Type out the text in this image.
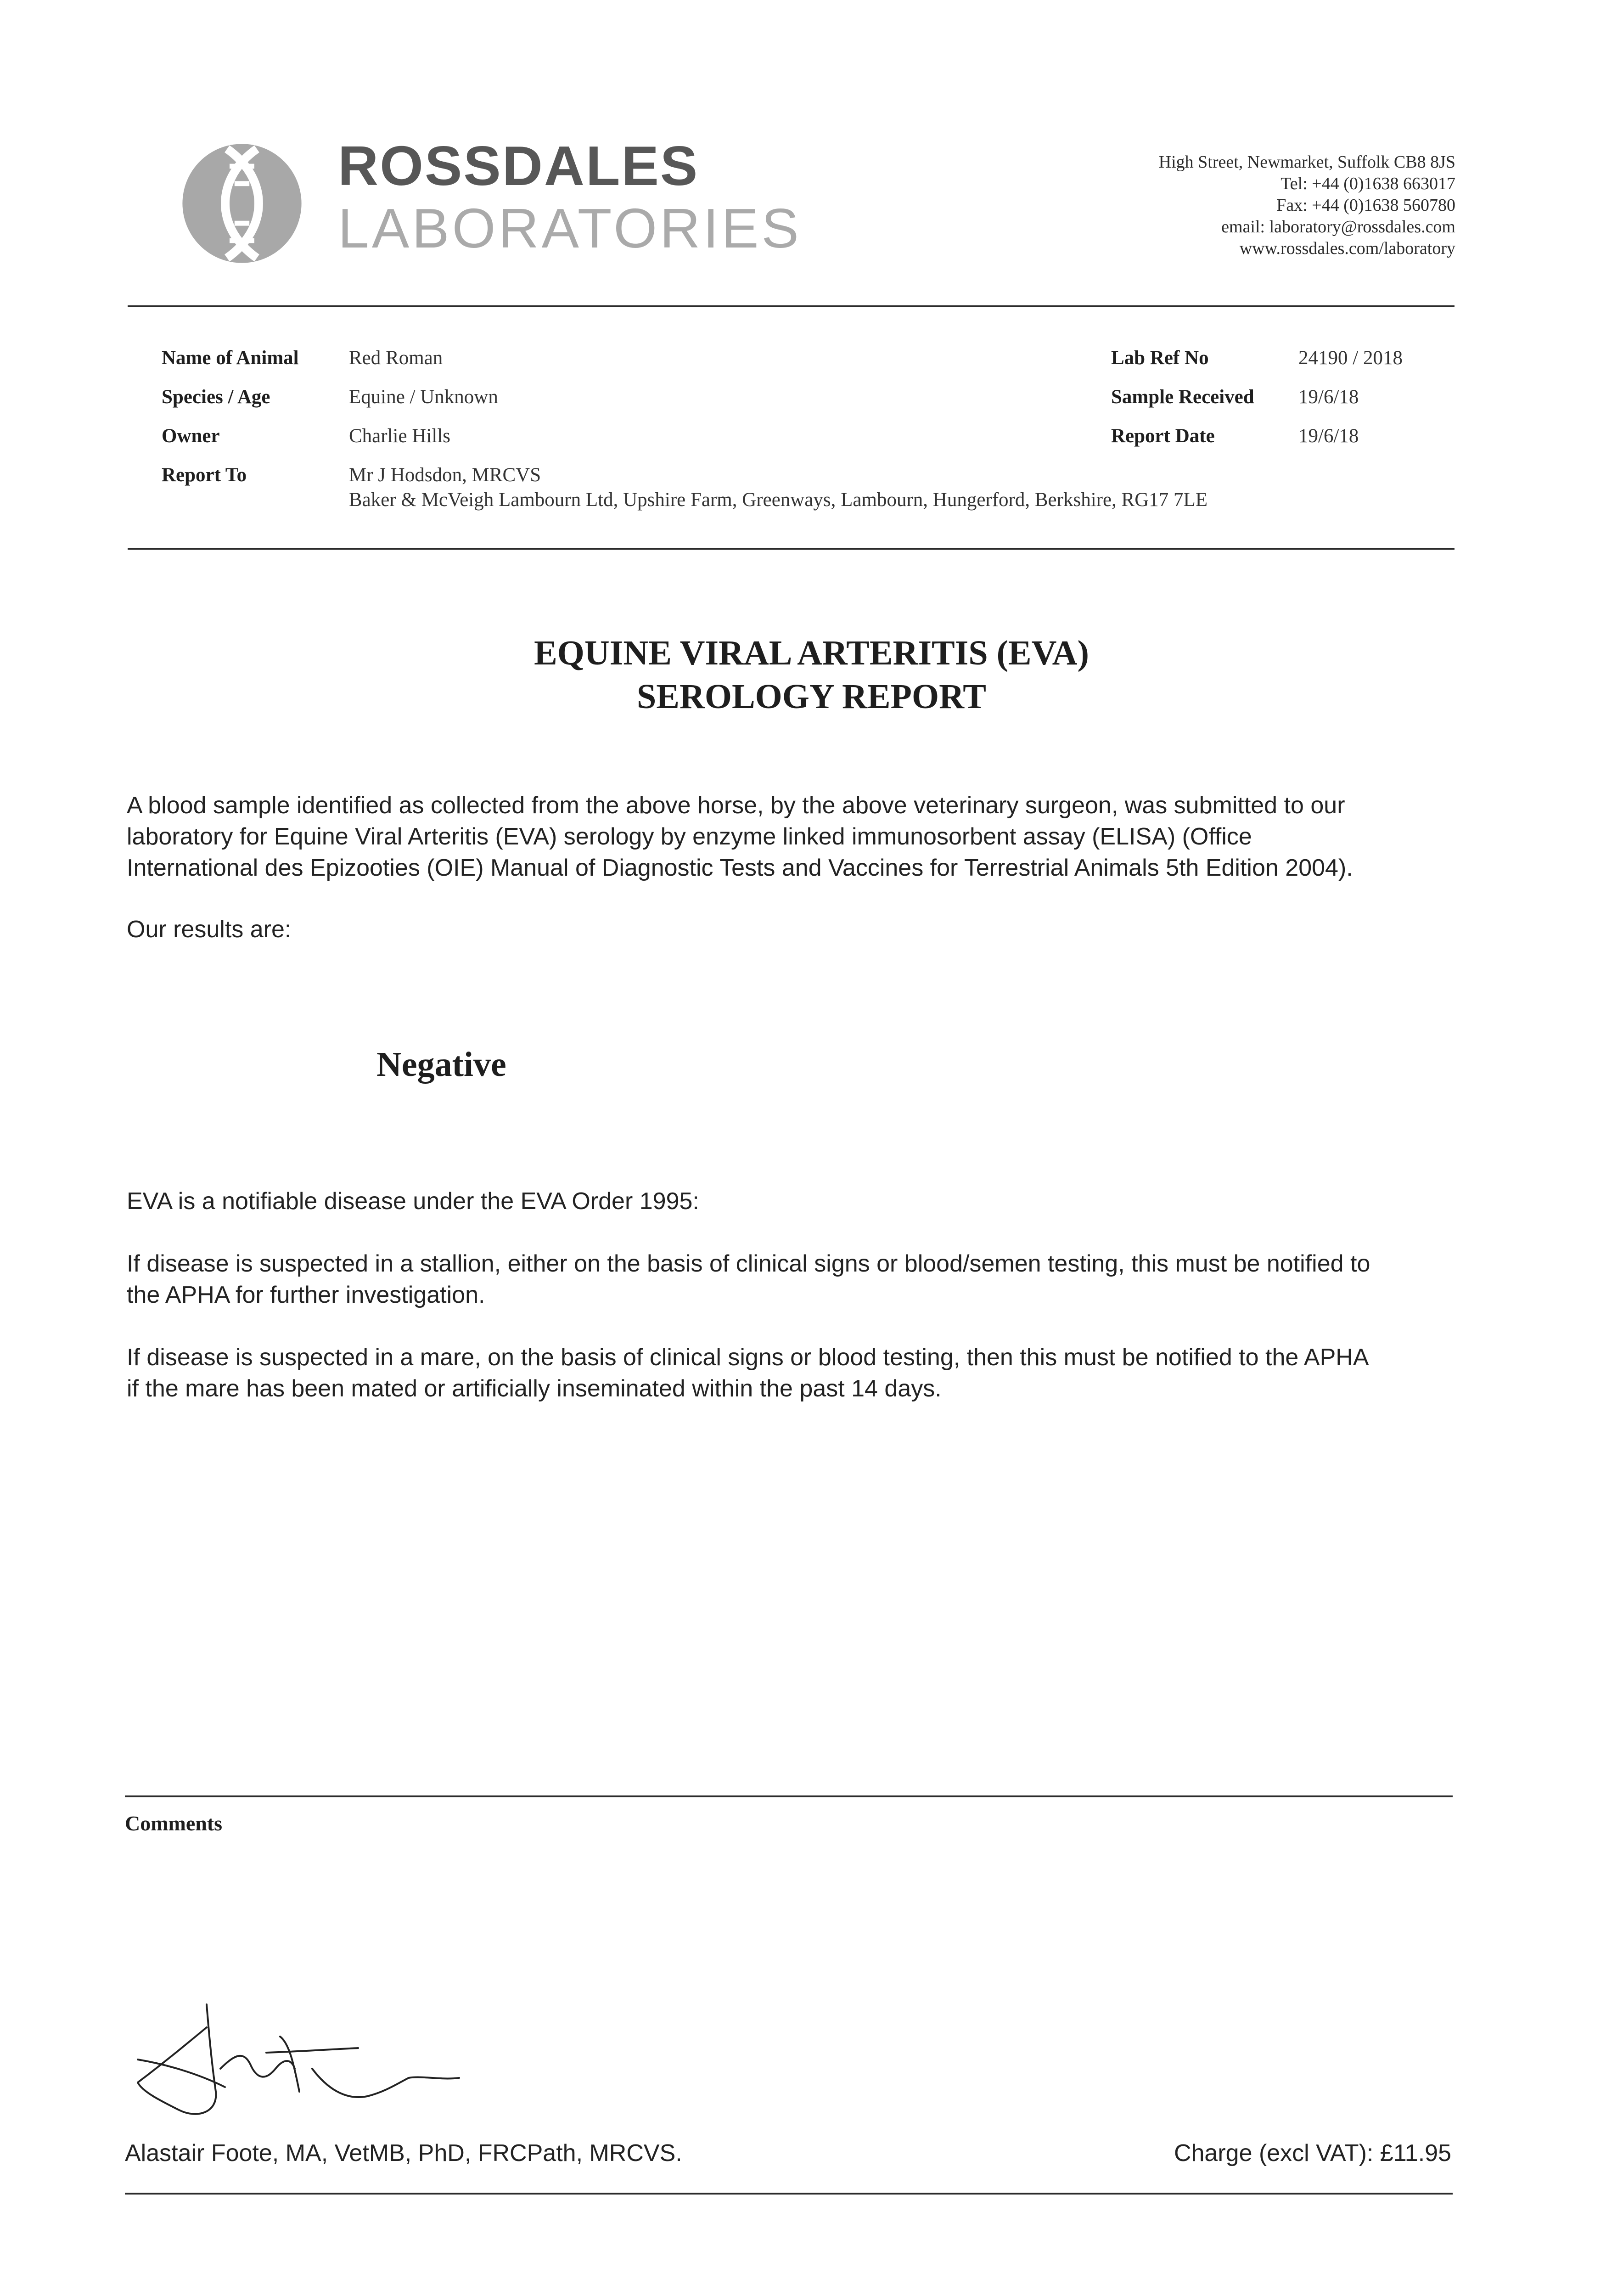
ROSSDALES
LABORATORIES
High Street, Newmarket, Suffolk CB8 8JS
Tel: +44 (0)1638 663017
Fax: +44 (0)1638 560780
email: laboratory@rossdales.com
www.rossdales.com/laboratory
Name of Animal	Red Roman
Species / Age	Equine / Unknown
Owner	Charlie Hills
Report To	Mr J Hodsdon, MRCVS
Baker & McVeigh Lambourn Ltd, Upshire Farm, Greenways, Lambourn, Hungerford, Berkshire, RG17 7LE
Lab Ref No	24190 / 2018
Sample Received 19/6/18
Report Date	19/6/18
EQUINE VIRAL ARTERITIS (EVA)
SEROLOGY REPORT
A blood sample identified as collected from the above horse, by the above veterinary surgeon, was submitted to our
laboratory for Equine Viral Arteritis (EVA) serology by enzyme linked immunosorbent assay (ELISA) (Office
International des Epizooties (OIE) Manual of Diagnostic Tests and Vaccines for Terrestrial Animals 5th Edition 2004).
Our results are:
Negative
EVA is a notifiable disease under the EVA Order 1995:
If disease is suspected in a stallion, either on the basis of clinical signs or blood/semen testing, this must be notified to
the APHA for further investigation.
If disease is suspected in a mare, on the basis of clinical signs or blood testing, then this must be notified to the APHA
if the mare has been mated or artificially inseminated within the past 14 days.
Comments
Alastair Foote, MA, VetMB, PhD, FRCPath, MRCVS.	Charge (excl VAT): £11.95
